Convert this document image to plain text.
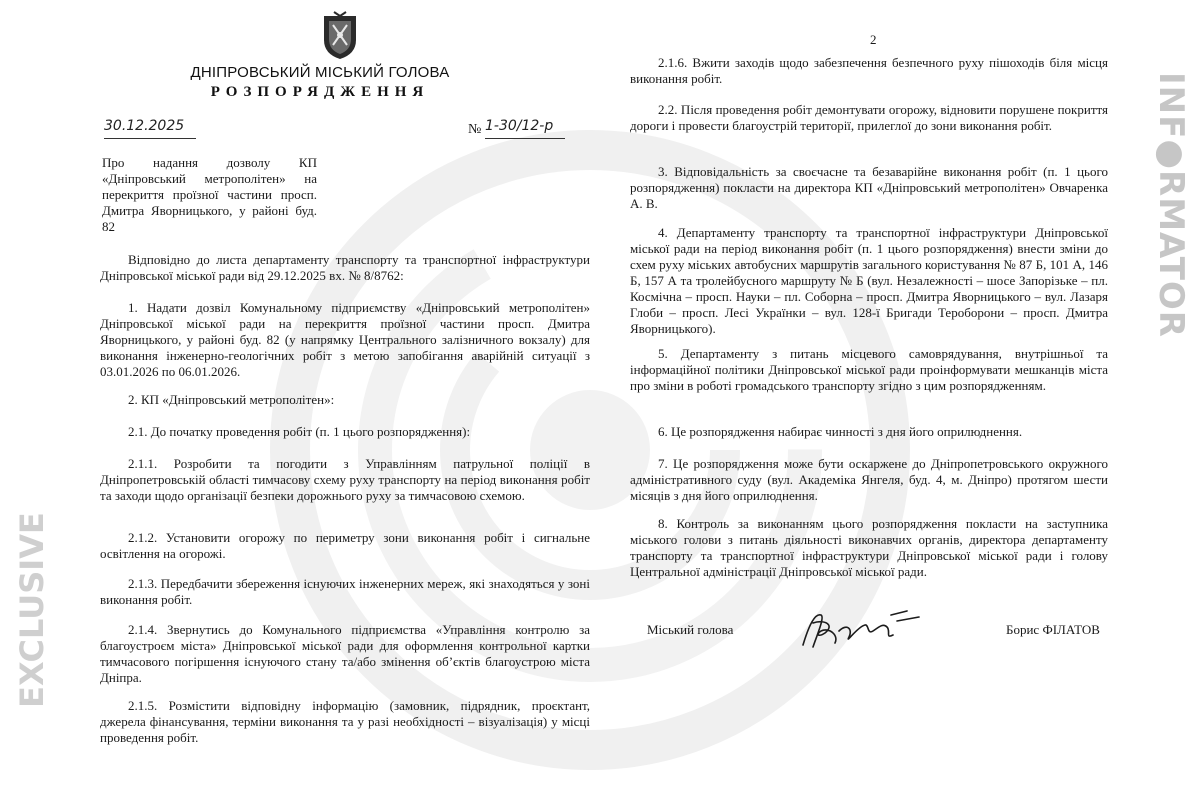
ДНІПРОВСЬКИЙ МІСЬКИЙ ГОЛОВА
РОЗПОРЯДЖЕННЯ
30.12.2025	№ 1-30/12-р
Про надання дозволу КП «Дніпровський метрополітен» на перекриття проїзної частини просп. Дмитра Яворницького, у районі буд. 82

Відповідно до листа департаменту транспорту та транспортної інфраструктури Дніпровської міської ради від 29.12.2025 вх. № 8/8762:

1. Надати дозвіл Комунальному підприємству «Дніпровський метрополітен» Дніпровської міської ради на перекриття проїзної частини просп. Дмитра Яворницького, у районі буд. 82 (у напрямку Центрального залізничного вокзалу) для виконання інженерно-геологічних робіт з метою запобігання аварійній ситуації з 03.01.2026 по 06.01.2026.

2. КП «Дніпровський метрополітен»:

2.1. До початку проведення робіт (п. 1 цього розпорядження):

2.1.1. Розробити та погодити з Управлінням патрульної поліції в Дніпропетровській області тимчасову схему руху транспорту на період виконання робіт та заходи щодо організації безпеки дорожнього руху за тимчасовою схемою.

2.1.2. Установити огорожу по периметру зони виконання робіт і сигнальне освітлення на огорожі.

2.1.3. Передбачити збереження існуючих інженерних мереж, які знаходяться у зоні виконання робіт.

2.1.4. Звернутись до Комунального підприємства «Управління контролю за благоустроєм міста» Дніпровської міської ради для оформлення контрольної картки тимчасового погіршення існуючого стану та/або змінення об’єктів благоустрою міста Дніпра.

2.1.5. Розмістити відповідну інформацію (замовник, підрядник, проєктант, джерела фінансування, терміни виконання та у разі необхідності – візуалізація) у місці проведення робіт.

2

2.1.6. Вжити заходів щодо забезпечення безпечного руху пішоходів біля місця виконання робіт.

2.2. Після проведення робіт демонтувати огорожу, відновити порушене покриття дороги і провести благоустрій території, прилеглої до зони виконання робіт.

3. Відповідальність за своєчасне та безаварійне виконання робіт (п. 1 цього розпорядження) покласти на директора КП «Дніпровський метрополітен» Овчаренка А. В.

4. Департаменту транспорту та транспортної інфраструктури Дніпровської міської ради на період виконання робіт (п. 1 цього розпорядження) внести зміни до схем руху міських автобусних маршрутів загального користування № 87 Б, 101 А, 146 Б, 157 А та тролейбусного маршруту № Б (вул. Незалежності – шосе Запорізьке – пл. Космічна – просп. Науки – пл. Соборна – просп. Дмитра Яворницького – вул. Лазаря Глоби – просп. Лесі Українки – вул. 128-ї Бригади Тероборони – просп. Дмитра Яворницького).

5. Департаменту з питань місцевого самоврядування, внутрішньої та інформаційної політики Дніпровської міської ради проінформувати мешканців міста про зміни в роботі громадського транспорту згідно з цим розпорядженням.

6. Це розпорядження набирає чинності з дня його оприлюднення.

7. Це розпорядження може бути оскаржене до Дніпропетровського окружного адміністративного суду (вул. Академіка Янгеля, буд. 4, м. Дніпро) протягом шести місяців з дня його оприлюднення.

8. Контроль за виконанням цього розпорядження покласти на заступника міського голови з питань діяльності виконавчих органів, директора департаменту транспорту та транспортної інфраструктури Дніпровської міської ради і голову Центральної адміністрації Дніпровської міської ради.

Міський голова	Борис ФІЛАТОВ
INF●RMATOR
EXCLUSIVE
